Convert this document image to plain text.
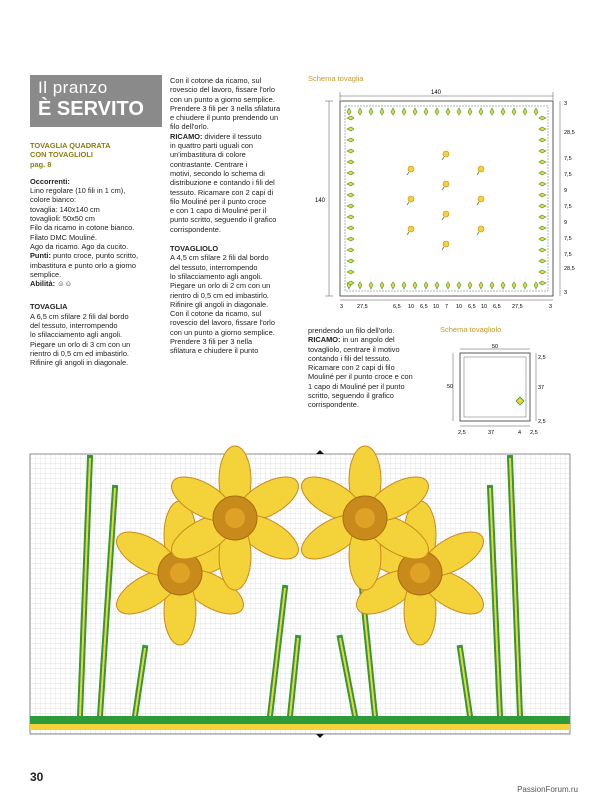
Il pranzo
È SERVITO

TOVAGLIA QUADRATA

CON TOVAGLIOLI

pag. 8

Occorrenti:

Lino regolare (10 fili in 1 cm),

colore bianco:

tovaglia: 140x140 cm

tovaglioli: 50x50 cm

Filo da ricamo in cotone bianco.

Filato DMC Mouliné.

Ago da ricamo. Ago da cucito.

Punti: punto croce, punto scritto,

imbastitura e punto orlo a giorno

semplice.

Abilità: ☺☺

TOVAGLIA

A 6,5 cm sfilare 2 fili dal bordo

del tessuto, interrompendo

lo sfilacciamento agli angoli.

Piegare un orlo di 3 cm con un

rientro di 0,5 cm ed imbastirlo.

Rifinire gli angoli in diagonale.

Con il cotone da ricamo, sul

rovescio del lavoro, fissare l'orlo

con un punto a giorno semplice.

Prendere 3 fili per 3 nella sfilatura

e chiudere il punto prendendo un

filo dell'orlo.

RICAMO: dividere il tessuto

in quattro parti uguali con

un'imbastitura di colore

contrastante. Centrare i

motivi, secondo lo schema di

distribuzione e contando i fili del

tessuto. Ricamare con 2 capi di

filo Mouliné per il punto croce

e con 1 capo di Mouliné per il

punto scritto, seguendo il grafico

corrispondente.

TOVAGLIOLO

A 4,5 cm sfilare 2 fili dal bordo

del tessuto, interrompendo

lo sfilacciamento agli angoli.

Piegare un orlo di 2 cm con un

rientro di 0,5 cm ed imbastirlo.

Rifinire gli angoli in diagonale.

Con il cotone da ricamo, sul

rovescio del lavoro, fissare l'orlo

con un punto a giorno semplice.

Prendere 3 fili per 3 nella

sfilatura e chiudere il punto

prendendo un filo dell'orlo.

RICAMO: in un angolo del

tovagliolo, centrare il motivo

contando i fili del tessuto.

Ricamare con 2 capi di filo

Mouliné per il punto croce e con

1 capo di Mouliné per il punto

scritto, seguendo il grafico

corrispondente.

Schema tovaglia
140
140
3
28,5
7,5
7,5
9
7,5
9
7,5
7,5
28,5
3
3	27,5	6,5 10 6,5 10 7 10 6,5 10 6,5 27,5	3
Schema tovagliolo
50
50
2,5
37
2,5
2,5	37	4 2,5
30
PassionForum.ru
